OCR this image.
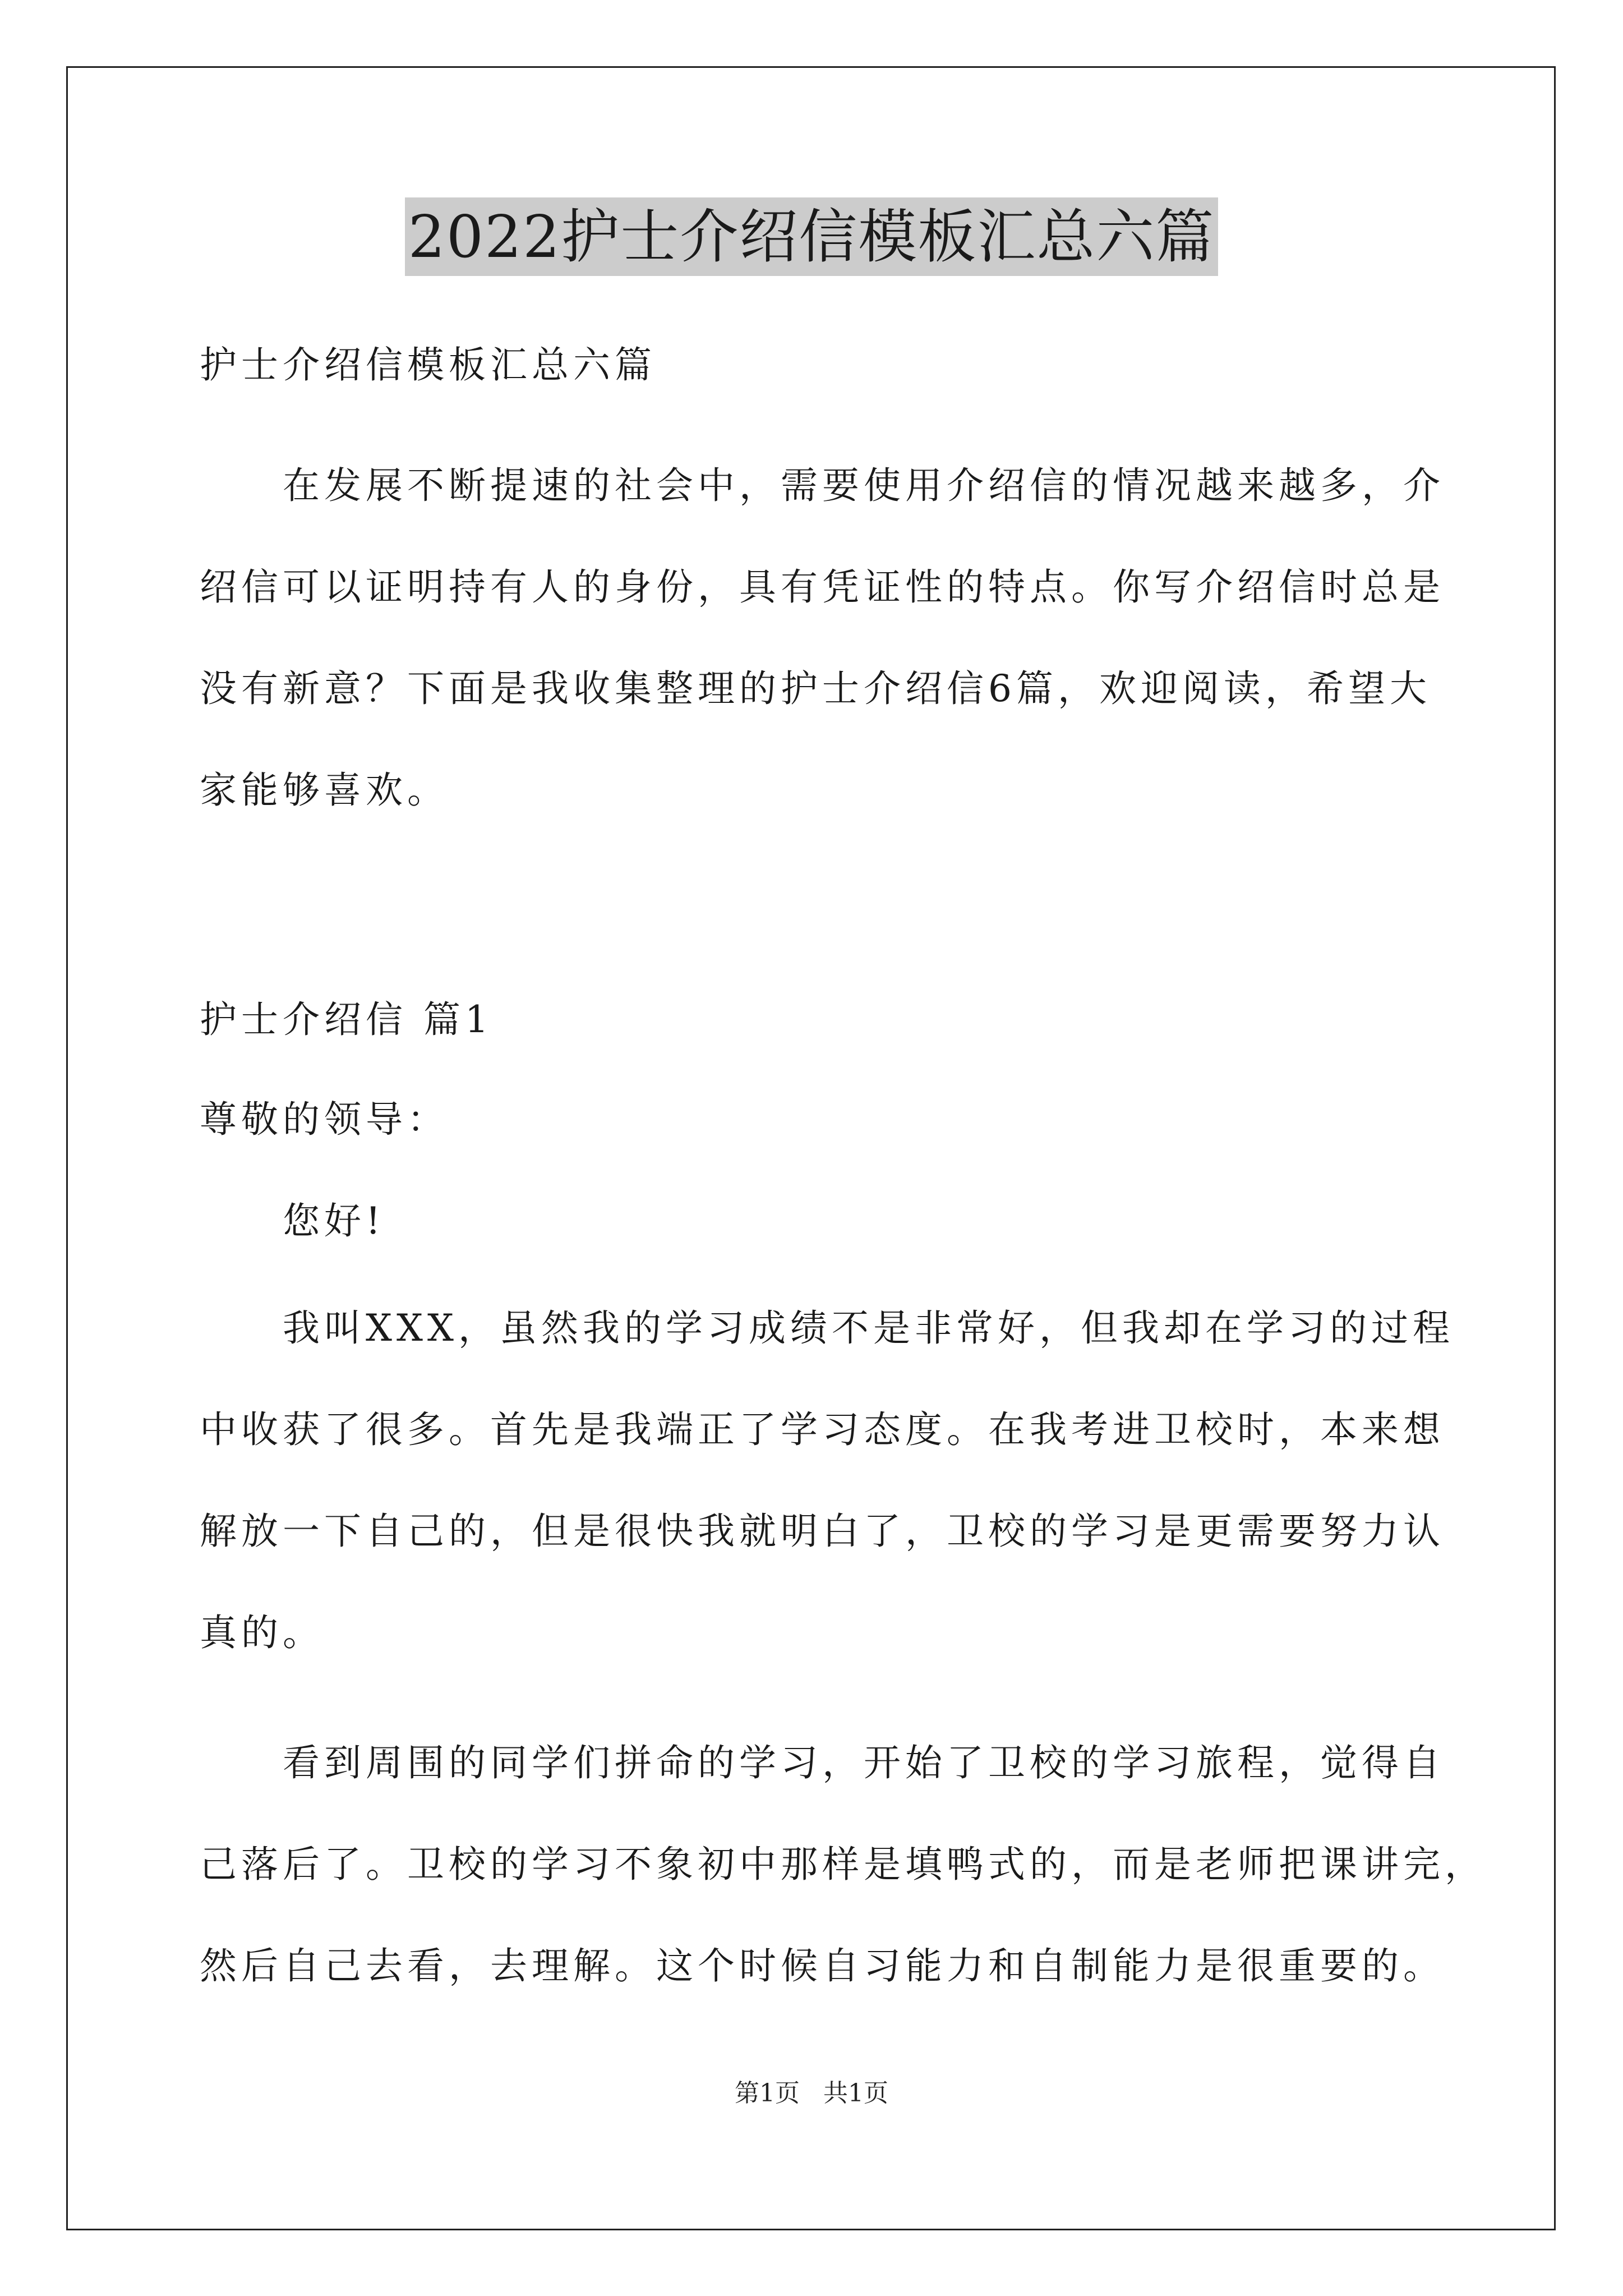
2022护士介绍信模板汇总六篇

护士介绍信模板汇总六篇

在发展不断提速的社会中，需要使用介绍信的情况越来越多，介
绍信可以证明持有人的身份，具有凭证性的特点。你写介绍信时总是
没有新意？下面是我收集整理的护士介绍信6篇，欢迎阅读，希望大
家能够喜欢。

护士介绍信 篇1

尊敬的领导：

您好!

我叫XXX，虽然我的学习成绩不是非常好，但我却在学习的过程
中收获了很多。首先是我端正了学习态度。在我考进卫校时，本来想
解放一下自己的，但是很快我就明白了，卫校的学习是更需要努力认
真的。

看到周围的同学们拼命的学习，开始了卫校的学习旅程，觉得自
己落后了。卫校的学习不象初中那样是填鸭式的，而是老师把课讲完，
然后自己去看，去理解。这个时候自习能力和自制能力是很重要的。

第1页 共1页
